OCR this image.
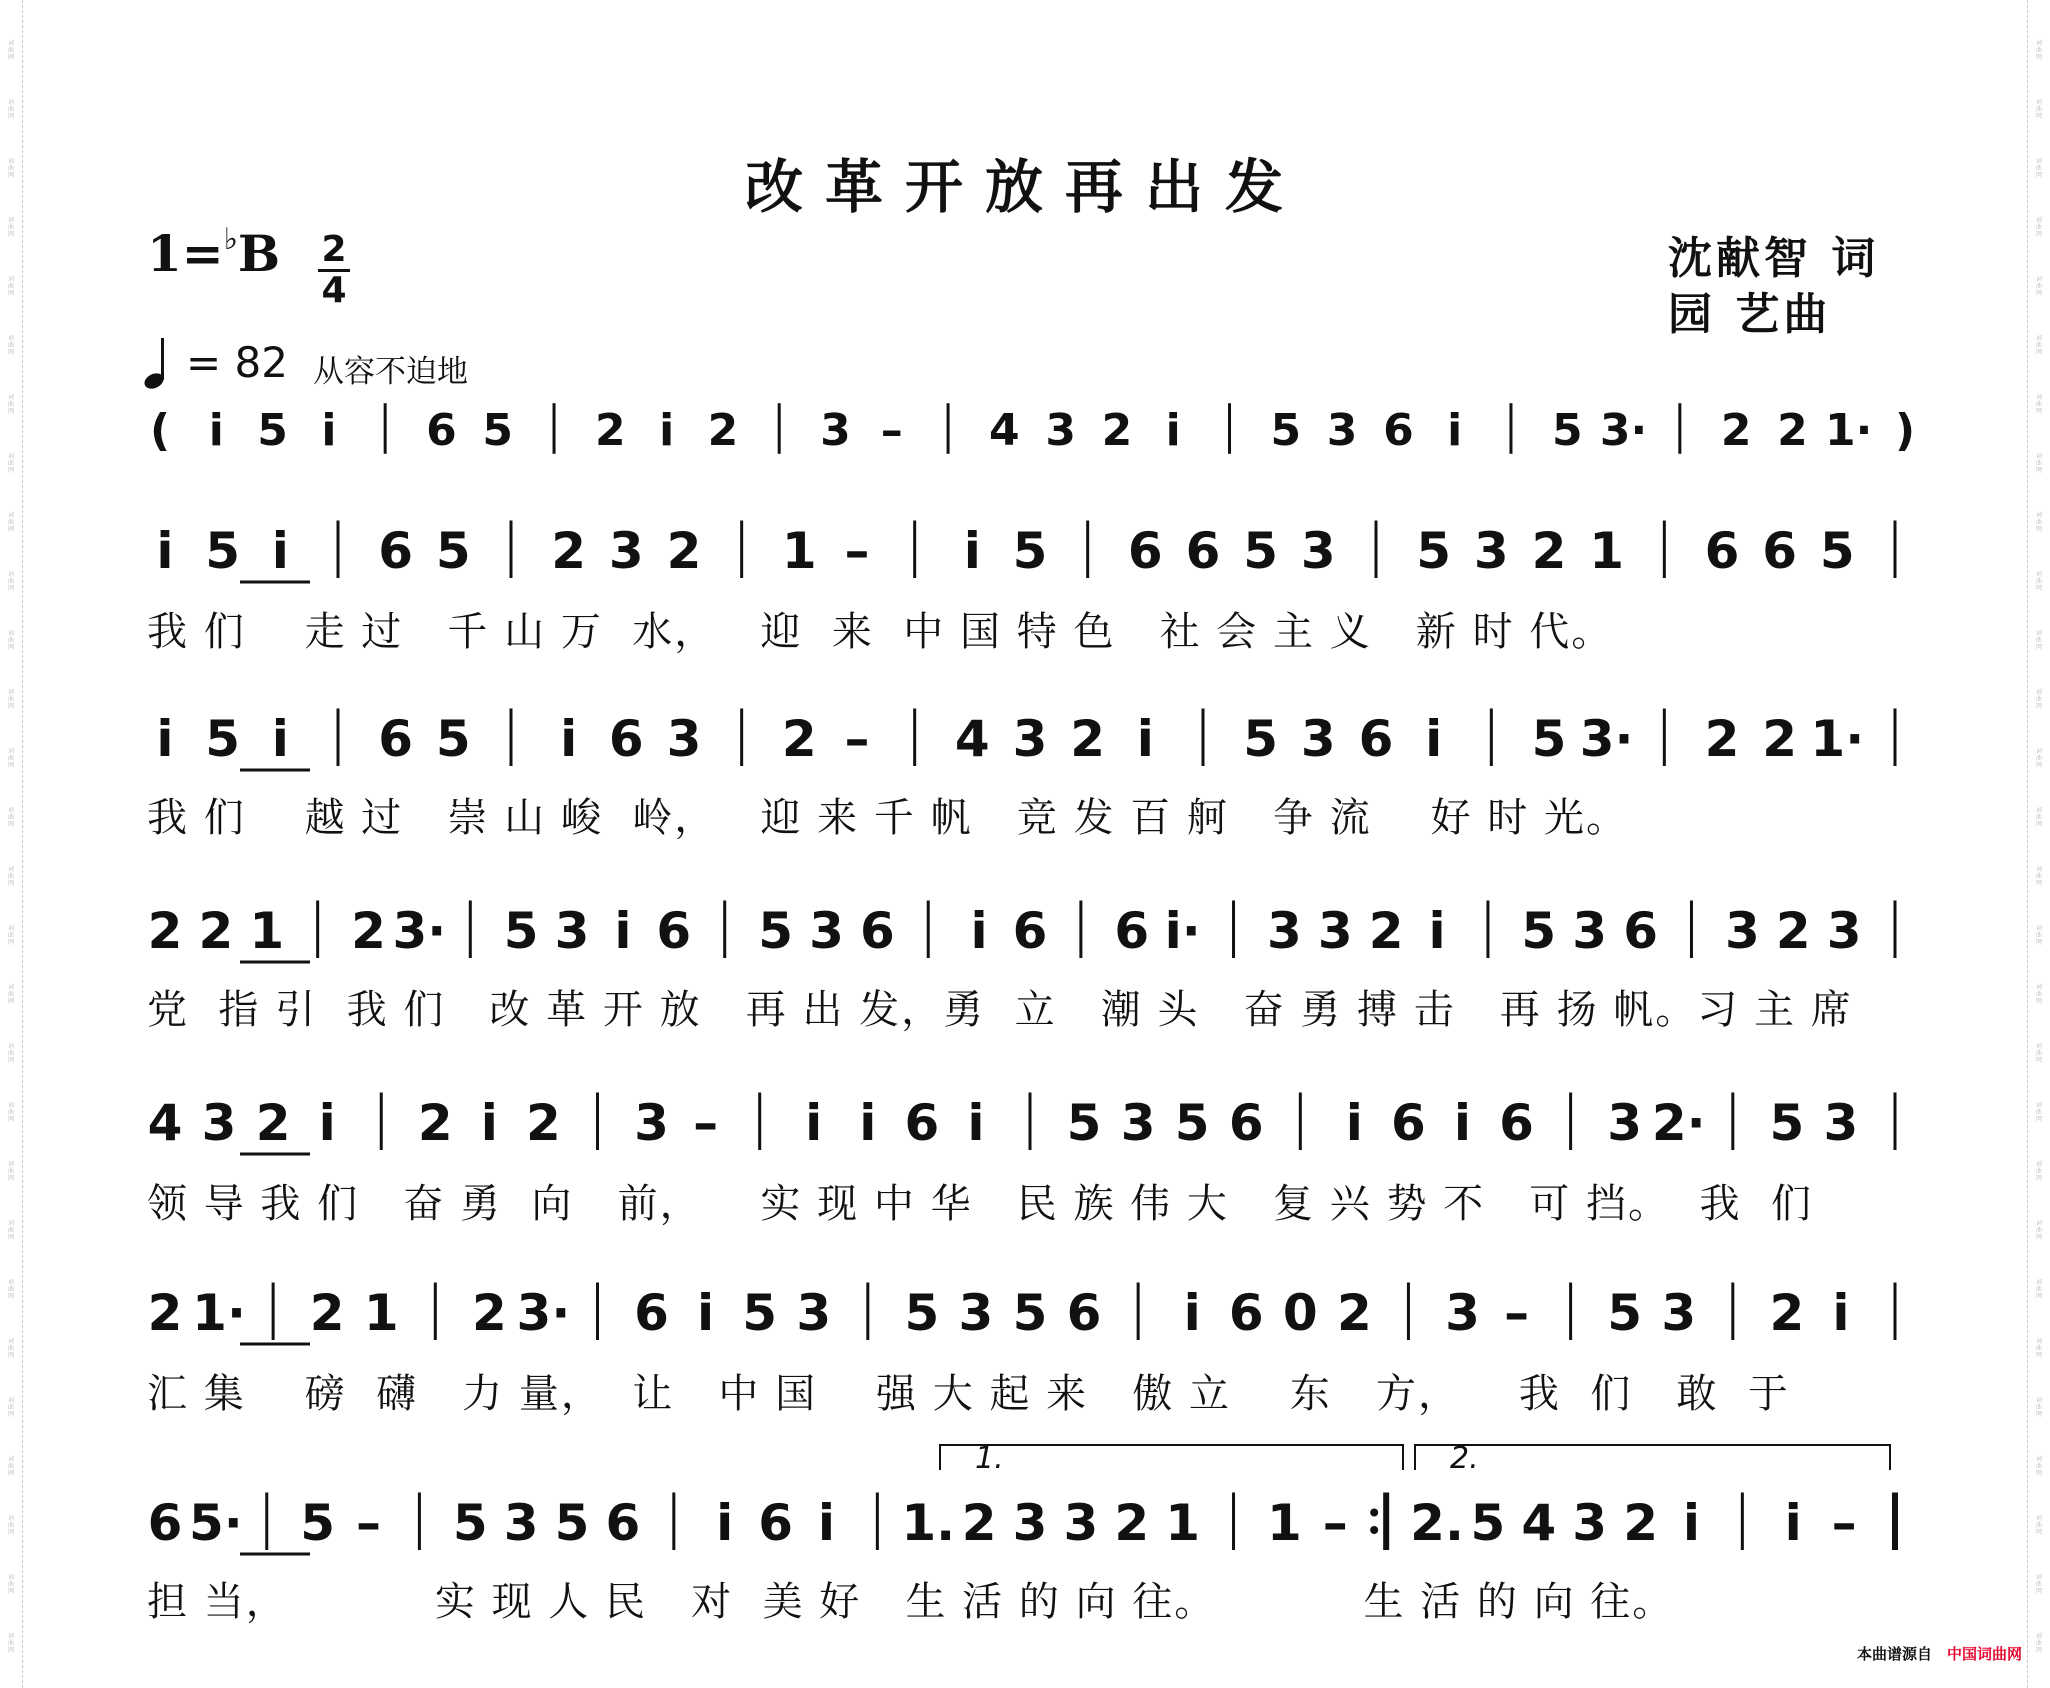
词曲网
词曲网
词曲网
词曲网
词曲网
词曲网
词曲网
词曲网
词曲网
词曲网
词曲网
词曲网
词曲网
词曲网
词曲网
词曲网
词曲网
词曲网
词曲网
词曲网
词曲网
词曲网
词曲网
词曲网
词曲网
词曲网
词曲网
词曲网
词曲网
词曲网
词曲网
词曲网
词曲网
词曲网
词曲网
词曲网
词曲网
词曲网
词曲网
词曲网
词曲网
词曲网
词曲网
词曲网
词曲网
词曲网
词曲网
词曲网
词曲网
词曲网
词曲网
词曲网
词曲网
词曲网
词曲网
词曲网
改革开放再出发
沈献智 词
园 艺曲
1=♭B 2
4
= 82 从容不迫地
( i 5 i 6 5 2 i 2 3 – 4 3 2 i 5 3 6 i 5 3· 2 2 1· )
i 5 i 6 5 2 3 2 1 – i 5 6 6 5 3 5 3 2 1 6 6 5
i 5 i 6 5 i 6 3 2 – 4 3 2 i 5 3 6 i 5 3· 2 2 1·
2 2 1 2 3· 5 3 i 6 5 3 6 i 6 6 i· 3 3 2 i 5 3 6 3 2 3
4 3 2 i 2 i 2 3 – i i 6 i 5 3 5 6 i 6 i 6 3 2· 5 3
2 1· 2 1 2 3· 6 i 5 3 5 3 5 6 i 6 0 2 3 – 5 3 2 i
6 5· 5 – 5 3 5 6 i 6 i 1. 2 3 3 2 1 1 – 2. 5 4 3 2 i i –
1.	2.
我 们    走 过   千 山 万  水，   迎  来  中 国 特 色   社 会 主 义   新 时 代。
我 们    越 过   崇 山 峻  岭，   迎 来 千 帆   竞 发 百 舸   争 流    好 时 光。
党  指 引  我 们   改 革 开 放   再 出 发，勇  立   潮 头   奋 勇 搏 击   再 扬 帆。习 主 席
领 导 我 们   奋 勇  向   前，    实 现 中 华   民 族 伟 大   复 兴 势 不   可 挡。  我  们
汇 集    磅  礴   力 量，  让   中 国    强 大 起 来   傲 立    东   方，    我  们   敢  于
担 当，          实 现 人 民   对  美 好   生 活 的 向 往。          生 活 的 向 往。
本曲谱源自 中国词曲网
